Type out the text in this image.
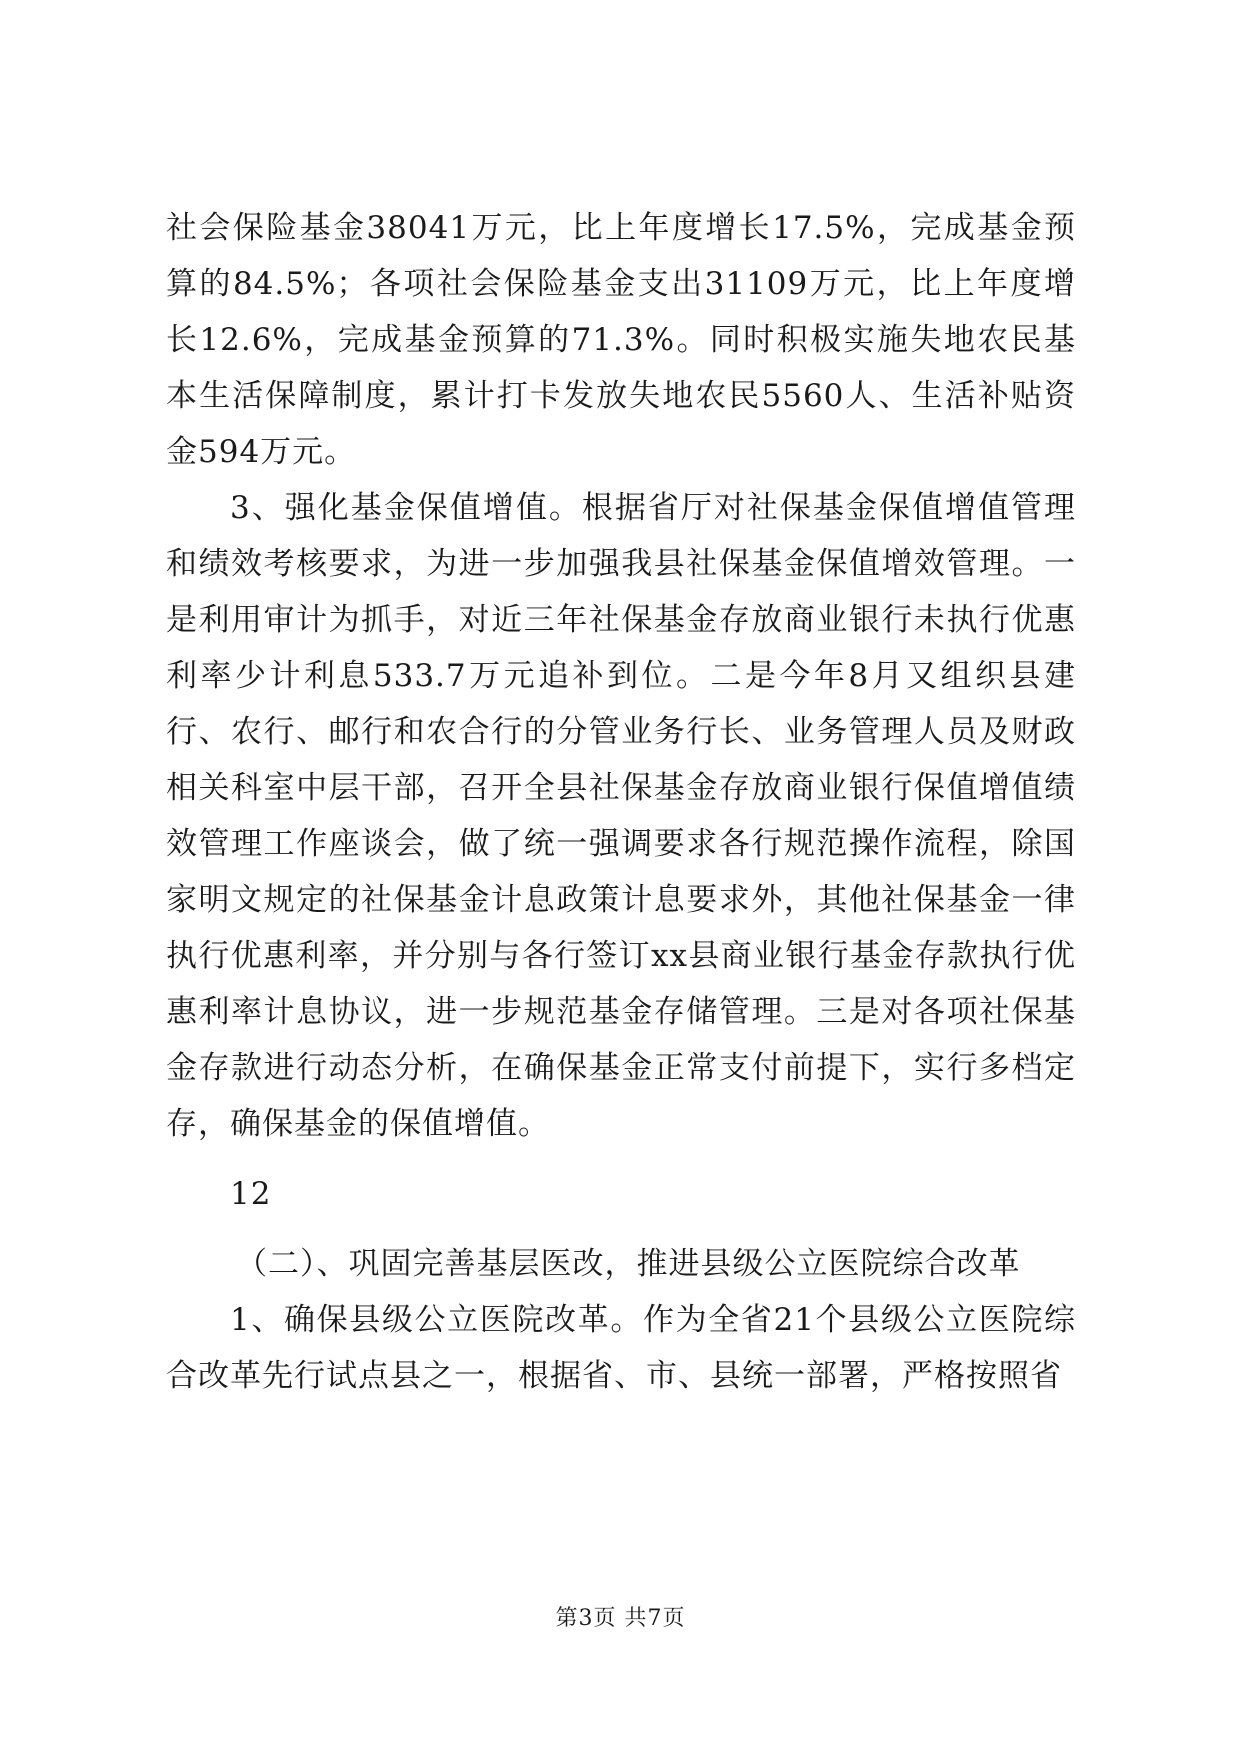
社会保险基金38041万元，比上年度增长17.5%，完成基金预算的84.5%；各项社会保险基金支出31109万元，比上年度增长12.6%，完成基金预算的71.3%。同时积极实施失地农民基本生活保障制度，累计打卡发放失地农民5560人、生活补贴资金594万元。

3、强化基金保值增值。根据省厅对社保基金保值增值管理和绩效考核要求，为进一步加强我县社保基金保值增效管理。一是利用审计为抓手，对近三年社保基金存放商业银行未执行优惠利率少计利息533.7万元追补到位。二是今年8月又组织县建行、农行、邮行和农合行的分管业务行长、业务管理人员及财政相关科室中层干部，召开全县社保基金存放商业银行保值增值绩效管理工作座谈会，做了统一强调要求各行规范操作流程，除国家明文规定的社保基金计息政策计息要求外，其他社保基金一律执行优惠利率，并分别与各行签订xx县商业银行基金存款执行优惠利率计息协议，进一步规范基金存储管理。三是对各项社保基金存款进行动态分析，在确保基金正常支付前提下，实行多档定存，确保基金的保值增值。

12

（二）、巩固完善基层医改，推进县级公立医院综合改革

1、确保县级公立医院改革。作为全省21个县级公立医院综合改革先行试点县之一，根据省、市、县统一部署，严格按照省

第3页 共7页
